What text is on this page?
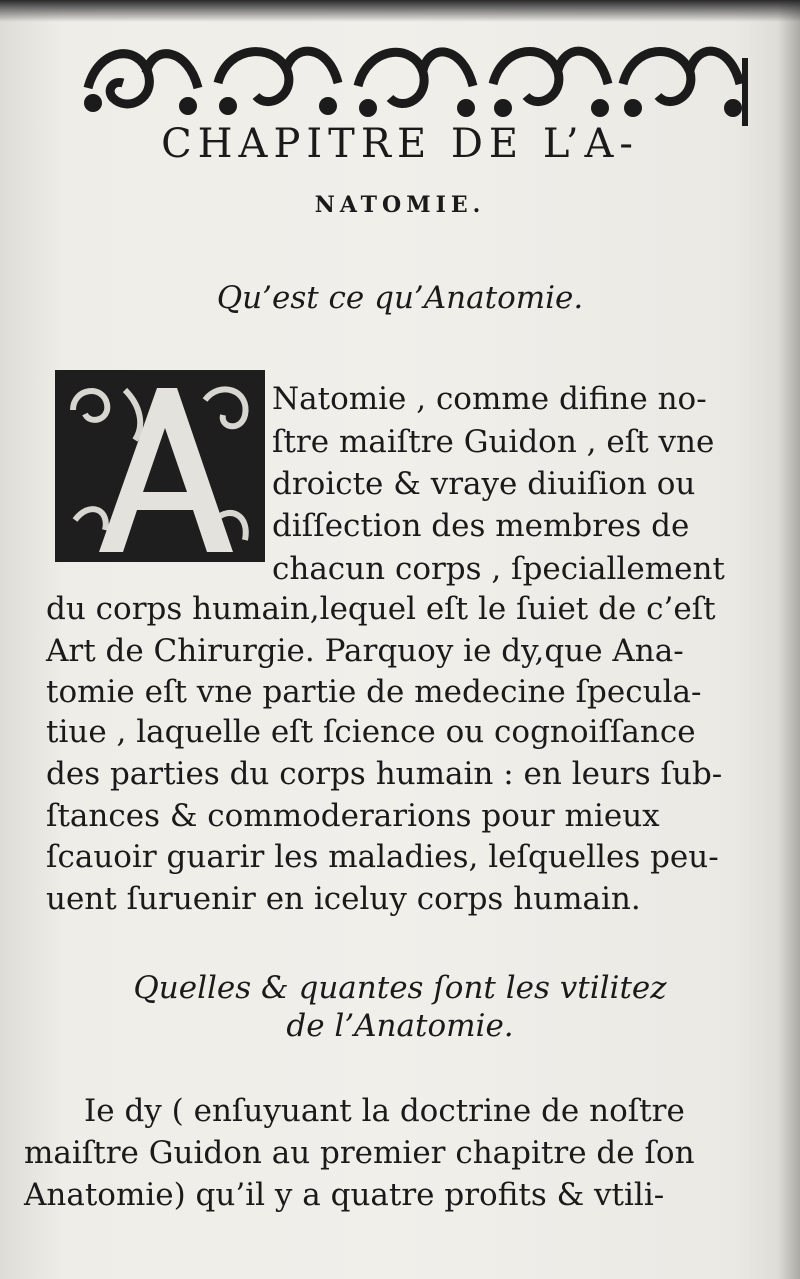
CHAPITRE DE L’A-
NATOMIE.
Qu’est ce qu’Anatomie.
Natomie , comme difine no-
ſtre maiſtre Guidon , eſt vne
droicte & vraye diuiſion ou
diſſection des membres de
chacun corps , ſpeciallement
du corps humain,lequel eſt le ſuiet de c’eſt
Art de Chirurgie. Parquoy ie dy,que Ana-
tomie eſt vne partie de medecine ſpecula-
tiue , laquelle eſt ſcience ou cognoiſſance
des parties du corps humain : en leurs ſub-
ſtances & commoderarions pour mieux
ſcauoir guarir les maladies, leſquelles peu-
uent ſuruenir en iceluy corps humain.
Quelles & quantes ſont les vtilitez
de l’Anatomie.
Ie dy ( enſuyuant la doctrine de noſtre
maiſtre Guidon au premier chapitre de ſon
Anatomie) qu’il y a quatre profits & vtili-
